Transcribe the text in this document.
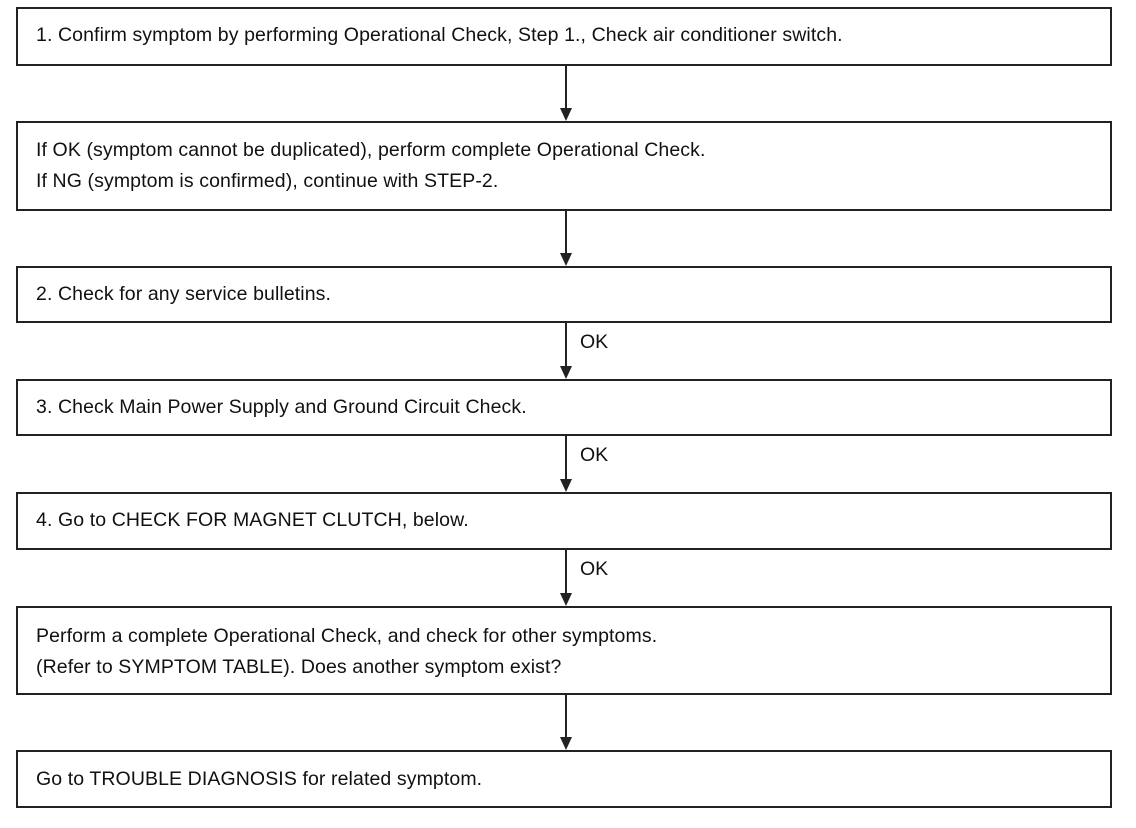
1. Confirm symptom by performing Operational Check, Step 1., Check air conditioner switch.
If OK (symptom cannot be duplicated), perform complete Operational Check.
If NG (symptom is confirmed), continue with STEP-2.
2. Check for any service bulletins.
OK
3. Check Main Power Supply and Ground Circuit Check.
OK
4. Go to CHECK FOR MAGNET CLUTCH, below.
OK
Perform a complete Operational Check, and check for other symptoms.
(Refer to SYMPTOM TABLE). Does another symptom exist?
Go to TROUBLE DIAGNOSIS for related symptom.
